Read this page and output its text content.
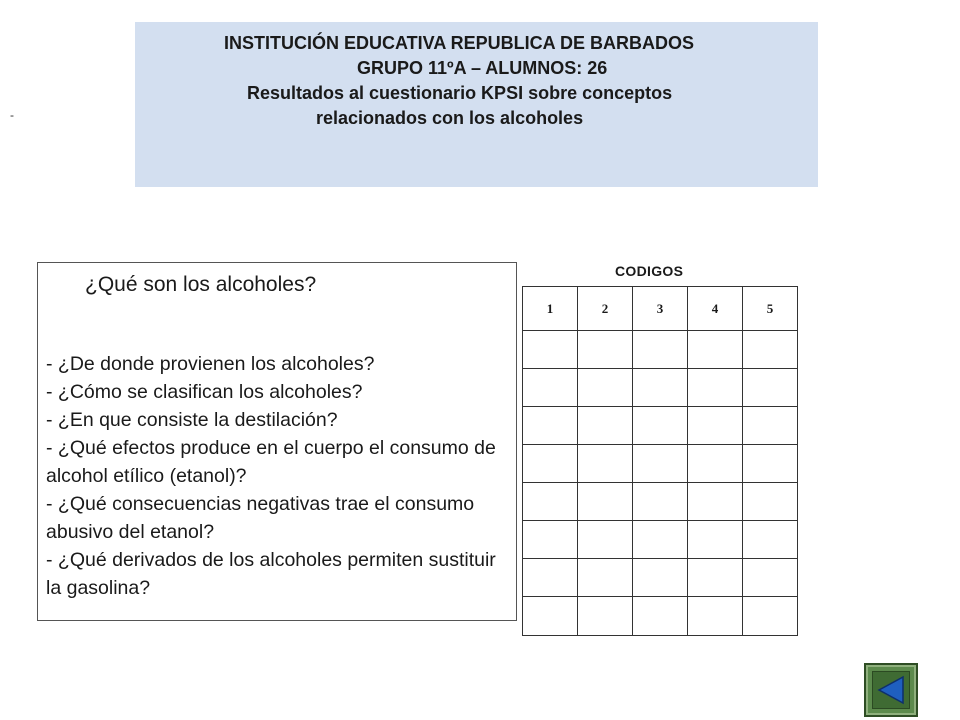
INSTITUCIÓN EDUCATIVA REPUBLICA DE BARBADOS
GRUPO 11ºA – ALUMNOS: 26
Resultados al cuestionario KPSI sobre conceptos
relacionados con los alcoholes
-
¿Qué son los alcoholes?
- ¿De donde provienen los alcoholes?
- ¿Cómo se clasifican los alcoholes?
- ¿En que consiste la destilación?
- ¿Qué efectos produce en el cuerpo el consumo de alcohol etílico (etanol)?
- ¿Qué consecuencias negativas trae el consumo abusivo del etanol?
- ¿Qué derivados de los alcoholes permiten sustituir la gasolina?
CODIGOS
1	2	3	4	5
